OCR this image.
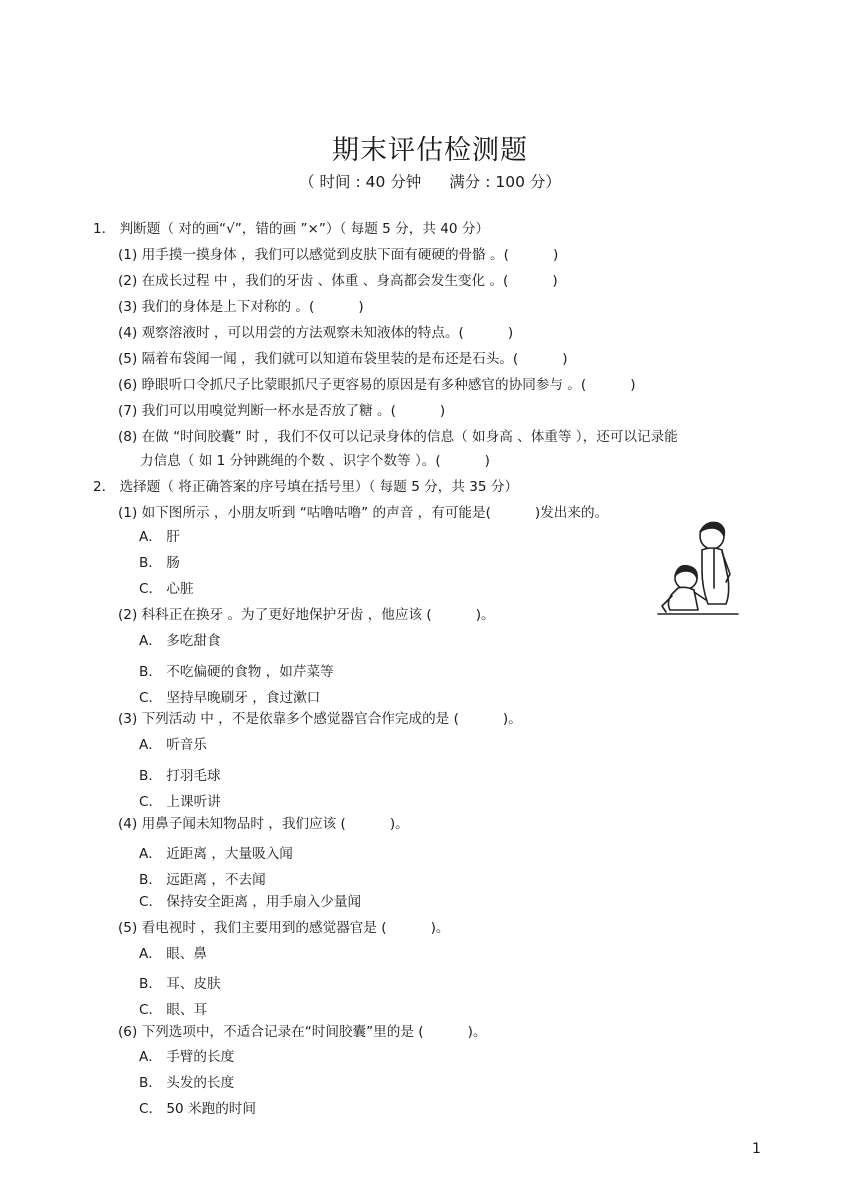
期末评估检测题
（ 时间 : 40 分钟 满分 : 100 分）
1． 判断题（ 对的画“√”，错的画 ”×”）（ 每题 5 分，共 40 分）
(1) 用手摸一摸身体 ，我们可以感觉到皮肤下面有硬硬的骨骼 。(	)
(2) 在成长过程 中 ，我们的牙齿 、体重 、身高都会发生变化 。(	)
(3) 我们的身体是上下对称的 。(	)
(4) 观察溶液时 ，可以用尝的方法观察未知液体的特点。(	)
(5) 隔着布袋闻一闻 ，我们就可以知道布袋里装的是布还是石头。(	)
(6) 睁眼听口令抓尺子比蒙眼抓尺子更容易的原因是有多种感官的协同参与 。(	)
(7) 我们可以用嗅觉判断一杯水是否放了糖 。(	)
(8) 在做 “时间胶囊” 时 ，我们不仅可以记录身体的信息（ 如身高 、体重等 ），还可以记录能
力信息（ 如 1 分钟跳绳的个数 、识字个数等 ）。(	)
2． 选择题（ 将正确答案的序号填在括号里）（ 每题 5 分，共 35 分）
(1) 如下图所示 ，小朋友听到 “咕噜咕噜” 的声音 ，有可能是(	)发出来的。
A． 肝
B． 肠
C． 心脏
(2) 科科正在换牙 。为了更好地保护牙齿 ，他应该 (	)。
A． 多吃甜食
B． 不吃偏硬的食物 ，如芹菜等
C． 坚持早晚刷牙 ，食过漱口
(3) 下列活动 中 ，不是依靠多个感觉器官合作完成的是 (	)。
A． 听音乐
B． 打羽毛球
C． 上课听讲
(4) 用鼻子闻未知物品时 ，我们应该 (	)。
A． 近距离 ，大量吸入闻
B． 远距离 ，不去闻
C． 保持安全距离 ，用手扇入少量闻
(5) 看电视时 ，我们主要用到的感觉器官是 (	)。
A． 眼、鼻
B． 耳、皮肤
C． 眼、耳
(6) 下列选项中，不适合记录在“时间胶囊”里的是 (	)。
A． 手臂的长度
B． 头发的长度
C． 50 米跑的时间
1
